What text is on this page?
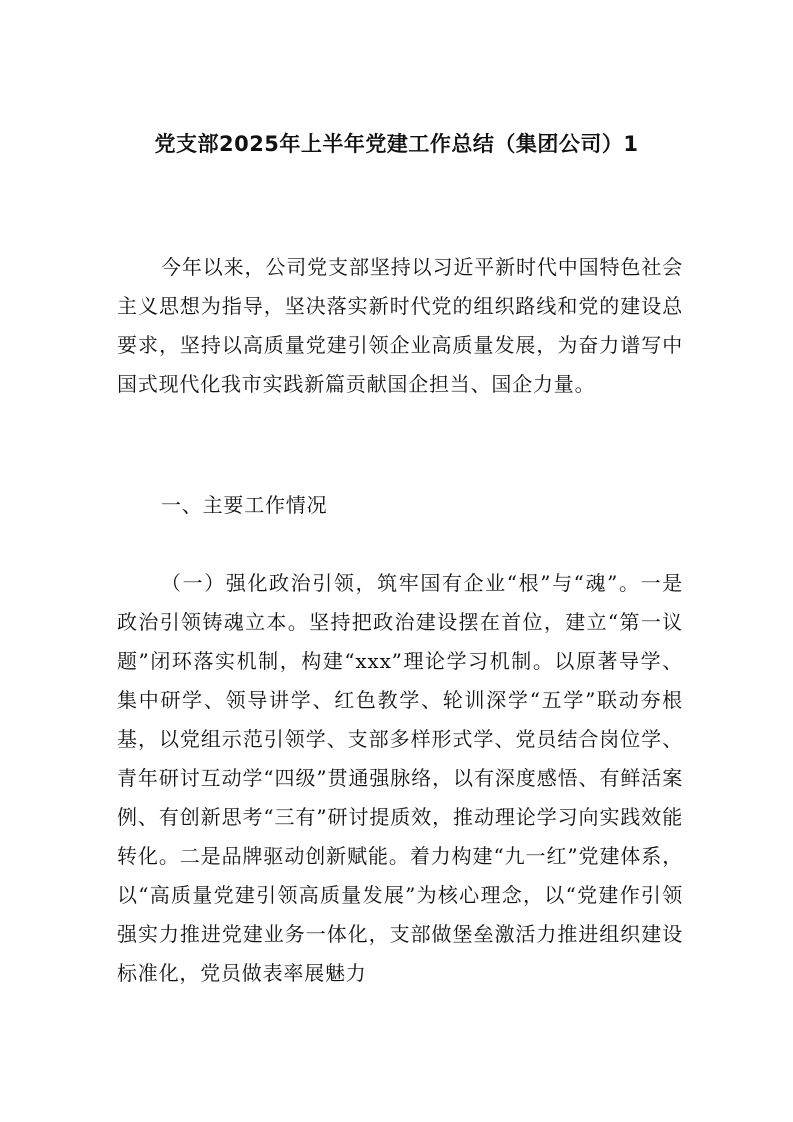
党支部2025年上半年党建工作总结（集团公司）1

今年以来，公司党支部坚持以习近平新时代中国特色社会主义思想为指导，坚决落实新时代党的组织路线和党的建设总要求，坚持以高质量党建引领企业高质量发展，为奋力谱写中国式现代化我市实践新篇贡献国企担当、国企力量。

一、主要工作情况

（一）强化政治引领，筑牢国有企业“根”与“魂”。一是政治引领铸魂立本。坚持把政治建设摆在首位，建立“第一议题”闭环落实机制，构建“xxx”理论学习机制。以原著导学、集中研学、领导讲学、红色教学、轮训深学“五学”联动夯根基，以党组示范引领学、支部多样形式学、党员结合岗位学、青年研讨互动学“四级”贯通强脉络，以有深度感悟、有鲜活案例、有创新思考“三有”研讨提质效，推动理论学习向实践效能转化。二是品牌驱动创新赋能。着力构建“九一红”党建体系，以“高质量党建引领高质量发展”为核心理念，以“党建作引领强实力推进党建业务一体化，支部做堡垒激活力推进组织建设标准化，党员做表率展魅力
